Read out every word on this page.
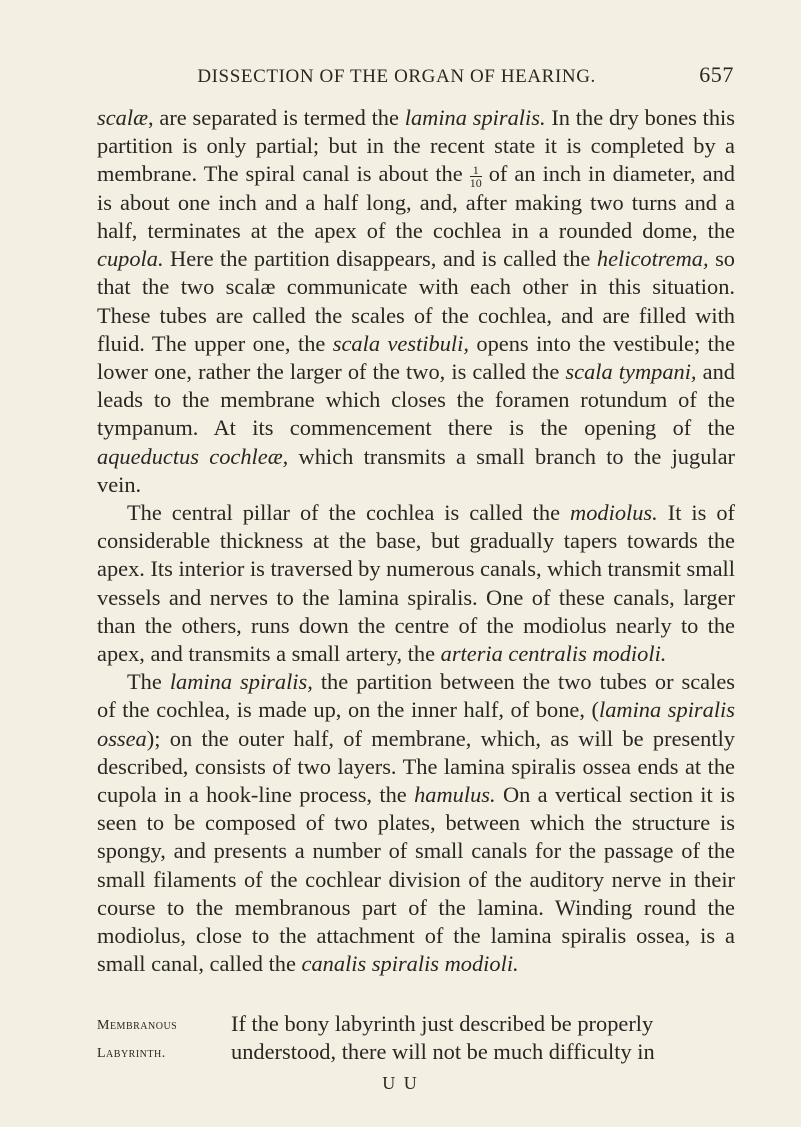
DISSECTION OF THE ORGAN OF HEARING.	657

scalæ, are separated is termed the lamina spiralis. In the dry bones this partition is only partial; but in the recent state it is completed by a membrane. The spiral canal is about the $\frac{1}{10}$ of an inch in diameter, and is about one inch and a half long, and, after making two turns and a half, terminates at the apex of the cochlea in a rounded dome, the cupola. Here the partition disappears, and is called the helicotrema, so that the two scalæ communicate with each other in this situation. These tubes are called the scales of the cochlea, and are filled with fluid. The upper one, the scala vestibuli, opens into the vestibule; the lower one, rather the larger of the two, is called the scala tympani, and leads to the membrane which closes the foramen rotundum of the tympanum. At its commencement there is the opening of the aqueductus cochleæ, which transmits a small branch to the jugular vein.

The central pillar of the cochlea is called the modiolus. It is of considerable thickness at the base, but gradually tapers towards the apex. Its interior is traversed by numerous canals, which transmit small vessels and nerves to the lamina spiralis. One of these canals, larger than the others, runs down the centre of the modiolus nearly to the apex, and transmits a small artery, the arteria centralis modioli.

The lamina spiralis, the partition between the two tubes or scales of the cochlea, is made up, on the inner half, of bone, (lamina spiralis ossea); on the outer half, of membrane, which, as will be presently described, consists of two layers. The lamina spiralis ossea ends at the cupola in a hook-line process, the hamulus. On a vertical section it is seen to be composed of two plates, between which the structure is spongy, and presents a number of small canals for the passage of the small filaments of the cochlear division of the auditory nerve in their course to the membranous part of the lamina. Winding round the modiolus, close to the attachment of the lamina spiralis ossea, is a small canal, called the canalis spiralis modioli.

Membranous	If the bony labyrinth just described be properly
Labyrinth.	understood, there will not be much difficulty in
U U
